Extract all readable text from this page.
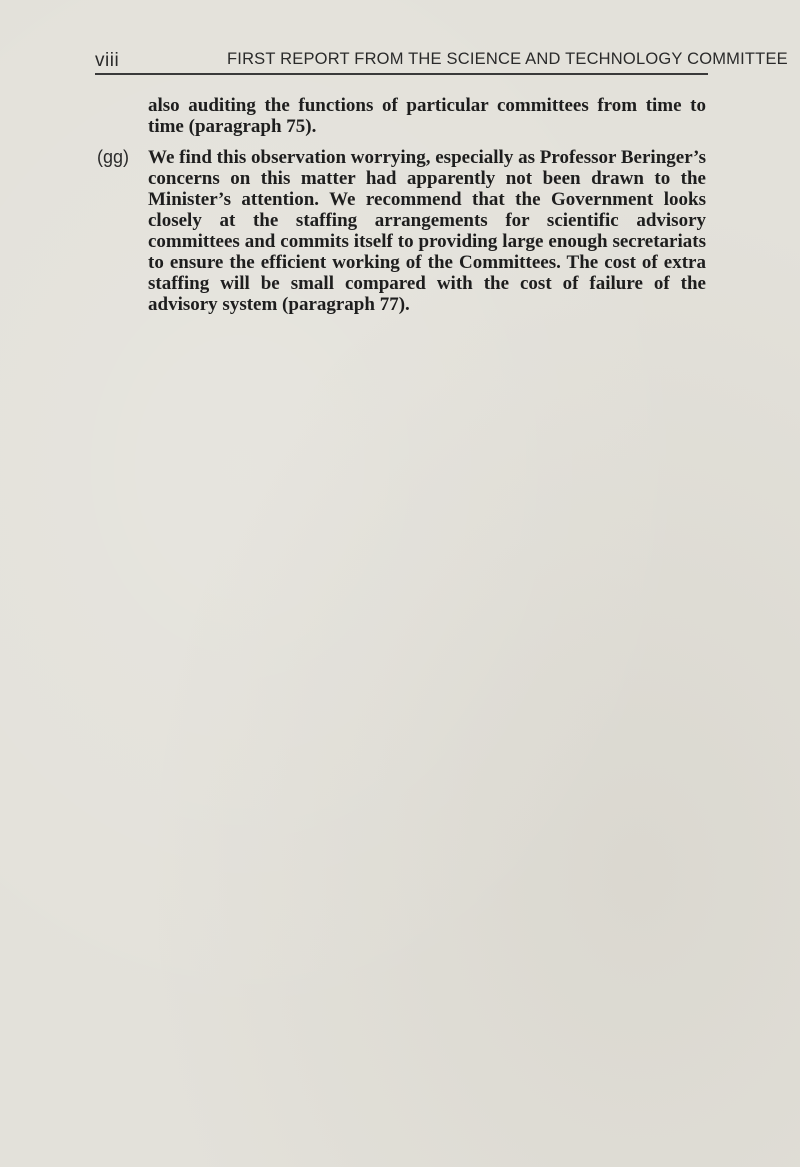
viii	FIRST REPORT FROM THE SCIENCE AND TECHNOLOGY COMMITTEE

also auditing the functions of particular committees from time to time (paragraph 75).

(gg) We find this observation worrying, especially as Professor Beringer’s concerns on this matter had apparently not been drawn to the Minister’s attention. We recommend that the Government looks closely at the staffing arrangements for scientific advisory committees and commits itself to providing large enough secretariats to ensure the efficient working of the Committees. The cost of extra staffing will be small compared with the cost of failure of the advisory system (paragraph 77).
